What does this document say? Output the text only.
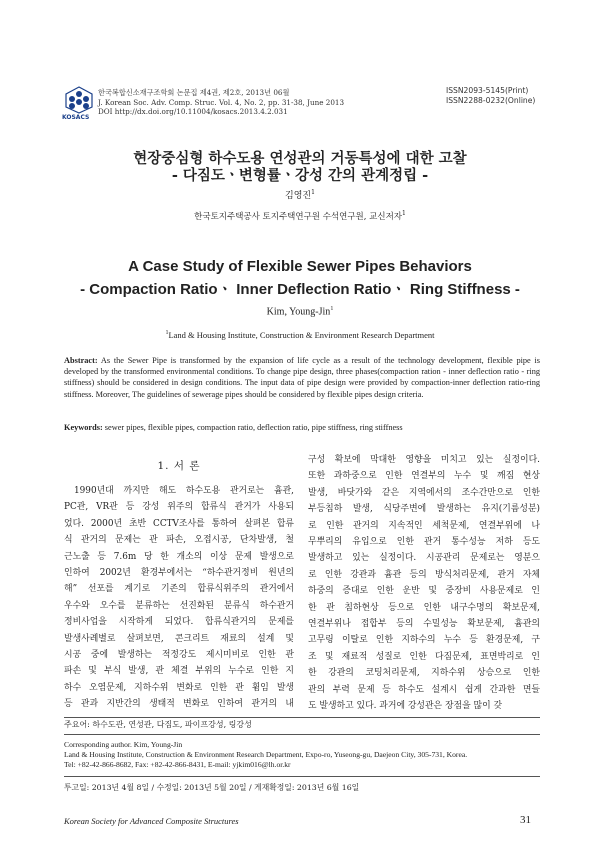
KOSACS
한국복합신소재구조학회 논문집 제4권, 제2호, 2013년 06월
J. Korean Soc. Adv. Comp. Struc. Vol. 4, No. 2, pp. 31-38, June 2013
DOI http://dx.doi.org/10.11004/kosacs.2013.4.2.031
ISSN2093-5145(Print)
ISSN2288-0232(Online)
현장중심형 하수도용 연성관의 거동특성에 대한 고찰
- 다짐도ㆍ변형률ㆍ강성 간의 관계정립 -
김영진$^1$
한국토지주택공사 토지주택연구원 수석연구원, 교신저자$^1$
A Case Study of Flexible Sewer Pipes Behaviors
- Compaction Ratioㆍ Inner Deflection Ratioㆍ Ring Stiffness -
Kim, Young-Jin$^1$
$^1$Land & Housing Institute, Construction & Environment Research Department
Abstract: As the Sewer Pipe is transformed by the expansion of life cycle as a result of the technology development, flexible pipe is developed by the transformed environmental conditions. To change pipe design, three phases(compaction ration - inner deflection ratio - ring stiffness) should be considered in design conditions. The input data of pipe design were provided by compaction-inner deflection ratio-ring stiffness. Moreover, The guidelines of sewerage pipes should be considered by flexible pipes design criteria.
Keywords: sewer pipes, flexible pipes, compaction ratio, deflection ratio, pipe stiffness, ring stiffness
1. 서 론
1990년대 까지만 해도 하수도용 관거로는 흄관,
PC관, VR관 등 강성 위주의 합류식 관거가 사용되
었다. 2000년 초반 CCTV조사를 통하여 살펴본 합류
식 관거의 문제는 관 파손, 오접시공, 단차발생, 철
근노출 등 7.6m 당 한 개소의 이상 문제 발생으로
인하여 2002년 환경부에서는 “하수관거정비 원년의
해” 선포를 계기로 기존의 합류식위주의 관거에서
우수와 오수를 분류하는 선진화된 분류식 하수관거
정비사업을 시작하게 되었다. 합류식관거의 문제를
발생사례별로 살펴보면, 콘크리트 재료의 설계 및
시공 중에 발생하는 적정강도 제시미비로 인한 관
파손 및 부식 발생, 관 체결 부위의 누수로 인한 지
하수 오염문제, 지하수위 변화로 인한 관 휨임 발생
등 관과 지반간의 생태적 변화로 인하여 관거의 내
구성 확보에 막대한 영향을 미치고 있는 실정이다.
또한 과하중으로 인한 연결부의 누수 및 깨짐 현상
발생, 바닷가와 같은 지역에서의 조수간만으로 인한
부등침하 발생, 식당주변에 발생하는 유지(기름성분)
로 인한 관거의 지속적인 세척문제, 연결부위에 나
무뿌리의 유입으로 인한 관거 통수성능 저하 등도
발생하고 있는 실정이다. 시공관리 문제로는 영분으
로 인한 강관과 흄관 등의 방식처리문제, 관거 자체
하중의 증대로 인한 운반 및 중장비 사용문제로 인
한 관 침하현상 등으로 인한 내구수명의 확보문제,
연결부위나 접합부 등의 수밀성능 확보문제, 흄관의
고무링 이탈로 인한 지하수의 누수 등 환경문제, 구
조 및 재료적 성질로 인한 다짐문제, 표면박리로 인
한 강관의 코팅처리문제, 지하수위 상승으로 인한
관의 부력 문제 등 하수도 설계시 쉽게 간과한 면들
도 발생하고 있다. 과거에 강성관은 장점을 많이 갖
주요어: 하수도관, 연성관, 다짐도, 파이프강성, 링강성
Corresponding author. Kim, Young-Jin
Land & Housing Institute, Construction & Environment Research Department, Expo-ro, Yuseong-gu, Daejeon City, 305-731, Korea.
Tel: +82-42-866-8682, Fax: +82-42-866-8431, E-mail: yjkim016@lh.or.kr
투고일: 2013년 4월 8일 / 수정일: 2013년 5월 20일 / 게재확정일: 2013년 6월 16일
Korean Society for Advanced Composite Structures	31
